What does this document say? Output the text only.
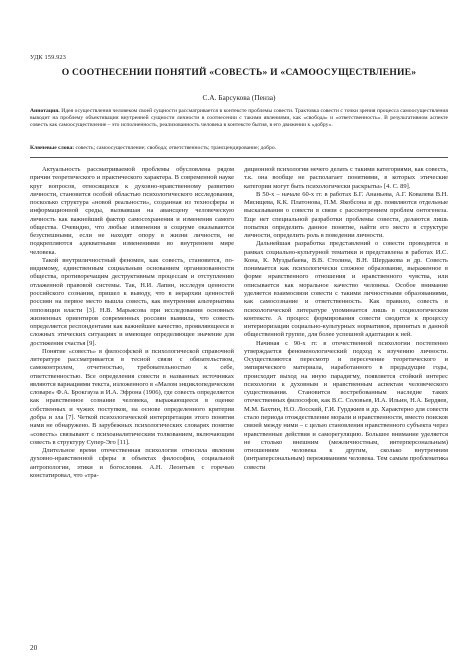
УДК 159.923
О СООТНЕСЕНИИ ПОНЯТИЙ «СОВЕСТЬ» И «САМООСУЩЕСТВЛЕНИЕ»
С.А. Барсукова (Пенза)
Аннотация. Идея осуществления человеком своей сущности рассматривается в контексте проблемы совести. Трактовка совести с точки зрения процесса самоосуществления выводит на проблему объективации внутренней сущности личности в соотнесении с такими явлениями, как «свобода» и «ответственность». В результативном аспекте совесть как самоосуществление – это исполненность, реализованность человека в контексте бытия, в его движении к «добру».
Ключевые слова: совесть; самоосуществление; свобода; ответственность; трансцендирование; добро.

Актуальность рассматриваемой проблемы обусловлена рядом причин теоретического и практического характера. В современной науке круг вопросов, относящихся к духовно-нравственному развитию личности, становится особой областью психологического исследования, посколько структура «новой реальности», созданная из техносферы и информационной среды, вызвавшая на авансцену человеческую личность как важнейший фактор самосохранения и изменения самого общества. Очевидно, что любые изменения в социуме оказываются безуспешными, если не находят опору в жизни личности, не подкрепляются адекватными изменениями во внутреннем мире человека.

Такой внутриличностный феномен, как совесть, становится, по-видимому, единственным социальным основанием организованности общества, противоречащим деструктивным процессам и отступлению отлаженной правовой системы. Так, Н.И. Лапин, исследуя ценности российского сознания, пришел к выводу, что в иерархии ценностей россиян на первое место вышла совесть, как внутренняя альтернатива оппозиции власти [3]. Н.В. Марьясова при исследовании основных жизненных ориентиров современных россиян выявила, что совесть определяется респондентами как важнейшее качество, проявляющееся в сложных этических ситуациях и имеющее определяющее значение для достижения счастья [9].

Понятие «совесть» в философской и психологической справочной литературе рассматривается в тесной связи с обязательством, самоконтролем, отчетностью, требовательностью к себе, ответственностью. Все определения совести в названных источниках являются вариациями текста, изложенного в «Малом энциклопедическом словаре» Ф.А. Брокгауза и И.А. Эфрона (1906), где совесть определяется как нравственное сознание человека, выражающееся в оценке собственных и чужих поступков, на основе определенного критерия добра и зла [7]. Четкой психологической интерпретации этого понятия нами не обнаружено. В зарубежных психологических словарях понятие «совесть» связывают с психоаналитическим толкованием, включающим совесть в структуру Супер-Эго [11].

Длительное время отечественная психология относила явления духовно-нравственной сферы в объектах философии, социальной антропологии, этики и богословия. А.Н. Леонтьев с горечью констатировал, что «тра-

диционной психологии нечего делать с такими категориями, как совесть, т.к. она вообще не располагает понятиями, в которых этические категории могут быть психологически раскрыты» [4. С. 89].

В 50-х – начале 60-х гг. в работах Б.Г. Ананьева, А.Г. Ковалева В.Н. Мясищева, К.К. Платонова, П.М. Якобсона и др. появляются отдельные высказывания о совести в связи с рассмотрением проблем онтогенеза. Еще нет специальной разработки проблемы совести, делаются лишь попытки определить данное понятие, найти его место в структуре личности, определить роль в поведении личности.

Дальнейшая разработка представлений о совести проводится в рамках социально-культурной тематики и представлена в работах И.С. Кона, К. Муздыбаева, В.В. Столина, В.Н. Шердакова и др. Совесть понимается как психологически сложное образование, выраженное в форме нравственного отношения и нравственного чувства, или описывается как моральное качество человека. Особое внимание уделяется взаимосвязи совести с такими личностными образованиями, как самосознание и ответственность. Как правило, совесть в психологической литературе упоминается лишь в социологическом контексте. А процесс формирования совести сводится к процессу интериоризации социально-культурных нормативов, принятых в данной общественной группе, для более успешной адаптации к ней.

Начиная с 90-х гг. в отечественной психологии постепенно утверждается феноменологический подход к изучению личности. Осуществляются пересмотр и пересечение теоретического и эмпирического материала, наработанного в предыдущие годы, происходит выход на иную парадигму, появляется стойкий интерес психологии к духовным и нравственным аспектам человеческого существования. Становится востребованным наследие таких отечественных философов, как B.С. Соловьев, И.А. Ильин, Н.А. Бердяев, М.М. Бахтин, Н.О. Лосский, Г.И. Гурджиев и др. Характерно для совести стало периода отождествление морали и нравственности, вместо поисков связей между ними – с целью становления нравственного субъекта через нравственные действия и саморегуляцию. Большее внимание уделяется не столько внешним (межличностным, интерперсональным) отношениям человека к другим, сколько внутренним (интраперсональным) переживаниям человека. Тем самым проблематика совести

20
